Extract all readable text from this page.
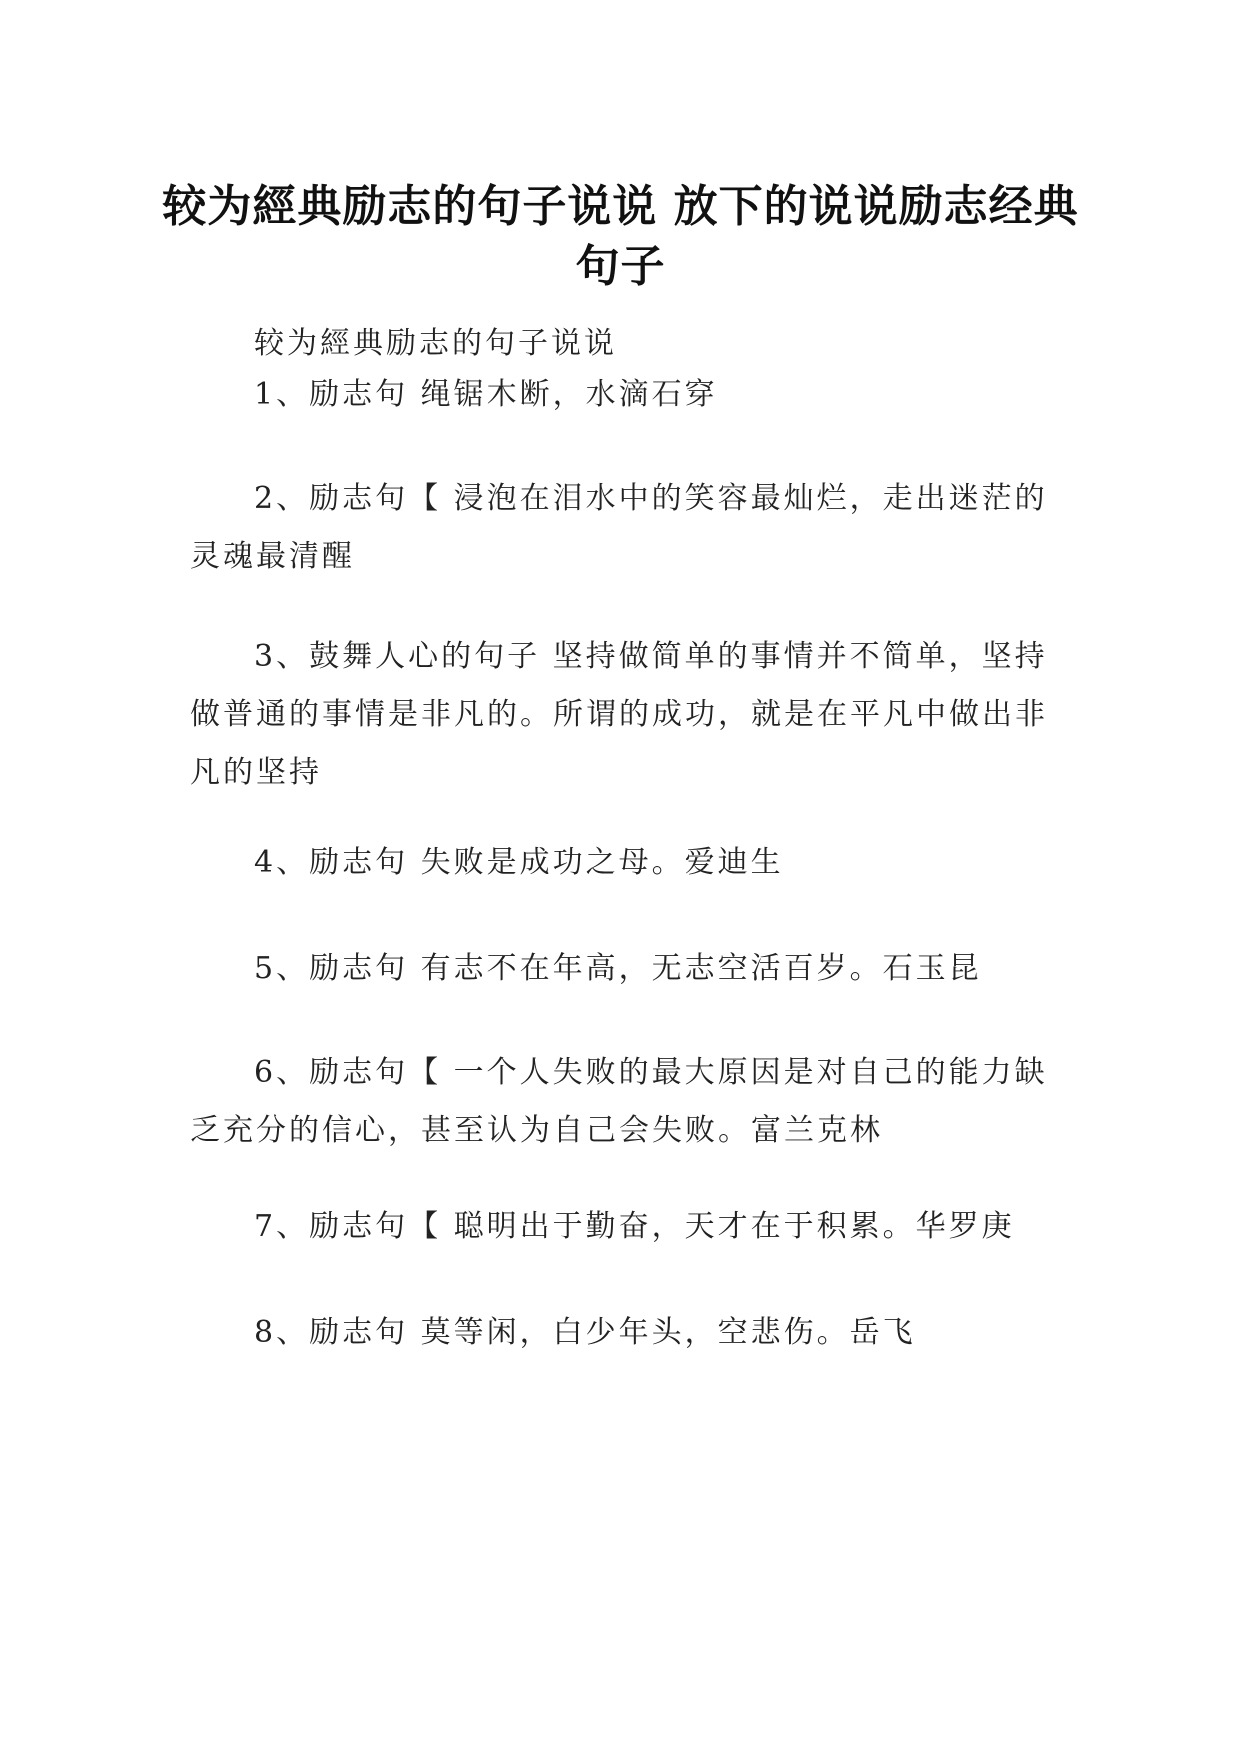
较为經典励志的句子说说 放下的说说励志经典句子

较为經典励志的句子说说

1、励志句 绳锯木断，水滴石穿

2、励志句【 浸泡在泪水中的笑容最灿烂，走出迷茫的灵魂最清醒

3、鼓舞人心的句子 坚持做简单的事情并不简单，坚持做普通的事情是非凡的。所谓的成功，就是在平凡中做出非凡的坚持

4、励志句 失败是成功之母。爱迪生

5、励志句 有志不在年高，无志空活百岁。石玉昆

6、励志句【 一个人失败的最大原因是对自己的能力缺乏充分的信心，甚至认为自己会失败。富兰克林

7、励志句【 聪明出于勤奋，天才在于积累。华罗庚

8、励志句 莫等闲，白少年头，空悲伤。岳飞
